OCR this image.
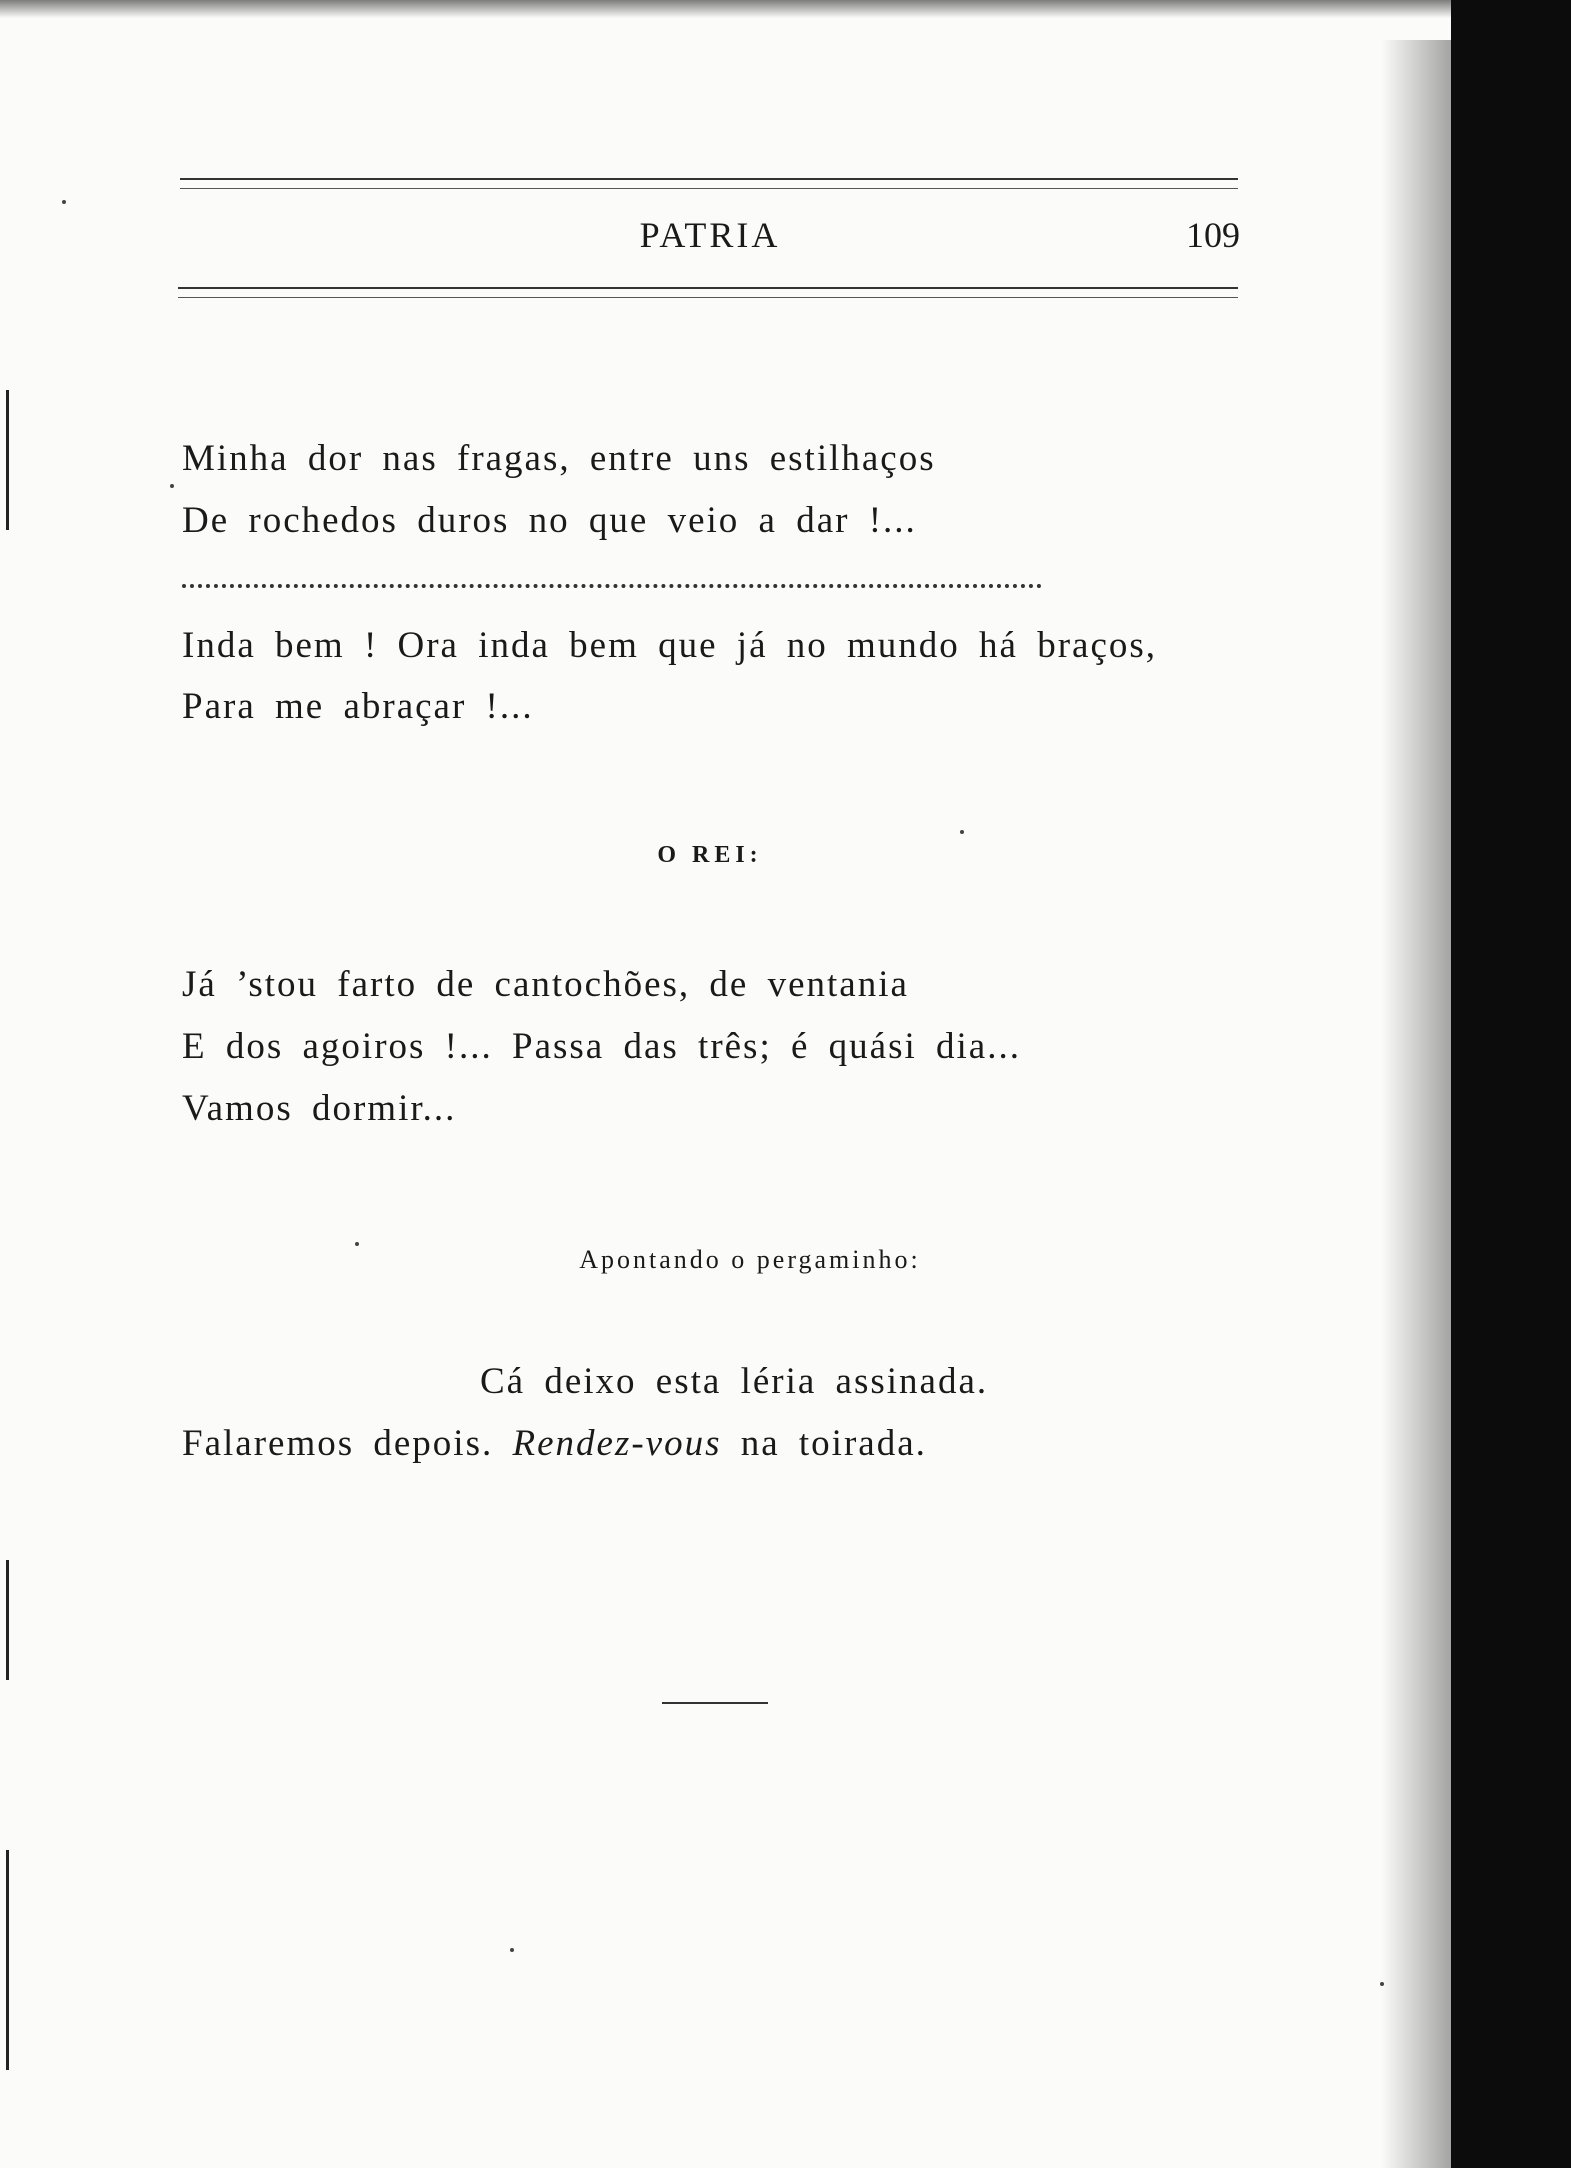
PATRIA	109
Minha dor nas fragas, entre uns estilhaços
De rochedos duros no que veio a dar !...
Inda bem ! Ora inda bem que já no mundo há braços,
Para me abraçar !...
O REI:
Já ’stou farto de cantochões, de ventania
E dos agoiros !... Passa das três; é quási dia...
Vamos dormir...
Apontando o pergaminho:
Cá deixo esta léria assinada.
Falaremos depois. Rendez-vous na toirada.
